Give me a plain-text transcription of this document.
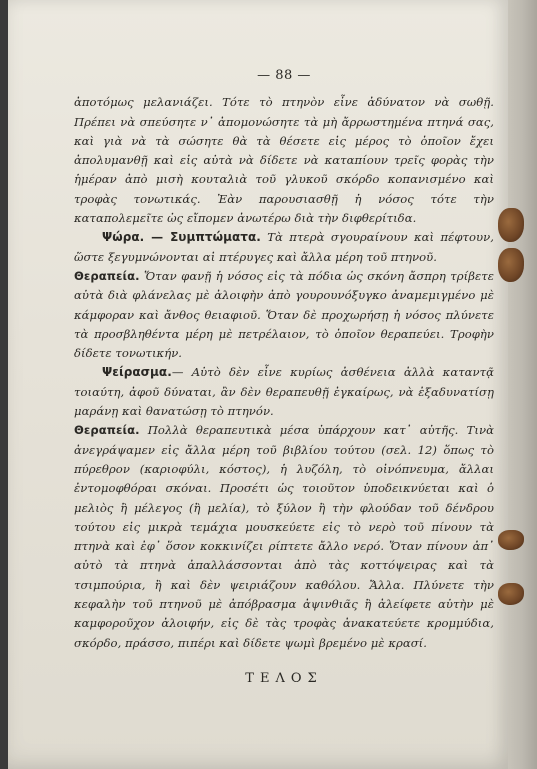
— 88 —

ἀποτόμως μελανιάζει. Τότε τὸ πτηνὸν εἶνε ἀδύνατον νὰ σωθῇ. Πρέπει νὰ σπεύσητε ν᾽ ἀπομονώσητε τὰ μὴ ἄρρωστημένα πτηνά σας, καὶ γιὰ νὰ τὰ σώσητε θὰ τὰ θέσετε εἰς μέρος τὸ ὁποῖον ἔχει ἀπολυμανθῇ καὶ εἰς αὐτὰ νὰ δίδετε νὰ καταπίουν τρεῖς φορὰς τὴν ἡμέραν ἀπὸ μισὴ κουταλιὰ τοῦ γλυκοῦ σκόρδο κοπανισμένο καὶ τροφὰς τονωτικάς. Ἐὰν παρουσιασθῇ ἡ νόσος τότε τὴν καταπολεμεῖτε ὡς εἴπομεν ἀνωτέρω διὰ τὴν διφθερίτιδα.

Ψώρα. — Συμπτώματα. Τὰ πτερὰ σγουραίνουν καὶ πέφτουν, ὥστε ξεγυμνώνονται αἱ πτέρυγες καὶ ἄλλα μέρη τοῦ πτηνοῦ.

Θεραπεία. Ὅταν φανῇ ἡ νόσος εἰς τὰ πόδια ὡς σκόνη ἄσπρη τρίβετε αὐτὰ διὰ φλάνελας μὲ ἀλοιφὴν ἀπὸ γουρουνόξυγκο ἀναμεμιγμένο μὲ κάμφοραν καὶ ἄνθος θειαφιοῦ. Ὅταν δὲ προχωρήσῃ ἡ νόσος πλύνετε τὰ προσβληθέντα μέρη μὲ πετρέλαιον, τὸ ὁποῖον θεραπεύει. Τροφὴν δίδετε τονωτικήν.

Ψείρασμα.— Αὐτὸ δὲν εἶνε κυρίως ἀσθένεια ἀλλὰ καταντᾷ τοιαύτη, ἀφοῦ δύναται, ἂν δὲν θεραπευθῇ ἐγκαίρως, νὰ ἐξαδυνατίσῃ μαράνῃ καὶ θανατώσῃ τὸ πτηνόν.

Θεραπεία. Πολλὰ θεραπευτικὰ μέσα ὑπάρχουν κατ᾽ αὐτῆς. Τινὰ ἀνεγράψαμεν εἰς ἄλλα μέρη τοῦ βιβλίου τούτου (σελ. 12) ὅπως τὸ πύρεθρον (καριοφύλι, κόστος), ἡ λυζόλη, τὸ οἰνόπνευμα, ἄλλαι ἐντομοφθόραι σκόναι. Προσέτι ὡς τοιοῦτον ὑποδεικνύεται καὶ ὁ μελιὸς ἢ μέλεγος (ἢ μελία), τὸ ξύλον ἢ τὴν φλούδαν τοῦ δένδρου τούτου εἰς μικρὰ τεμάχια μουσκεύετε εἰς τὸ νερὸ τοῦ πίνουν τὰ πτηνὰ καὶ ἐφ᾽ ὅσον κοκκινίζει ρίπτετε ἄλλο νερό. Ὅταν πίνουν ἀπ᾽ αὐτὸ τὰ πτηνὰ ἀπαλλάσσονται ἀπὸ τὰς κοττόψειρας καὶ τὰ τσιμπούρια, ἢ καὶ δὲν ψειριάζουν καθόλου. Ἄλλα. Πλύνετε τὴν κεφαλὴν τοῦ πτηνοῦ μὲ ἀπόβρασμα ἀψινθιᾶς ἢ ἀλείφετε αὐτὴν μὲ καμφοροῦχον ἀλοιφήν, εἰς δὲ τὰς τροφὰς ἀνακατεύετε κρομμύδια, σκόρδο, πράσσο, πιπέρι καὶ δίδετε ψωμὶ βρεμένο μὲ κρασί.

ΤΕΛΟΣ
